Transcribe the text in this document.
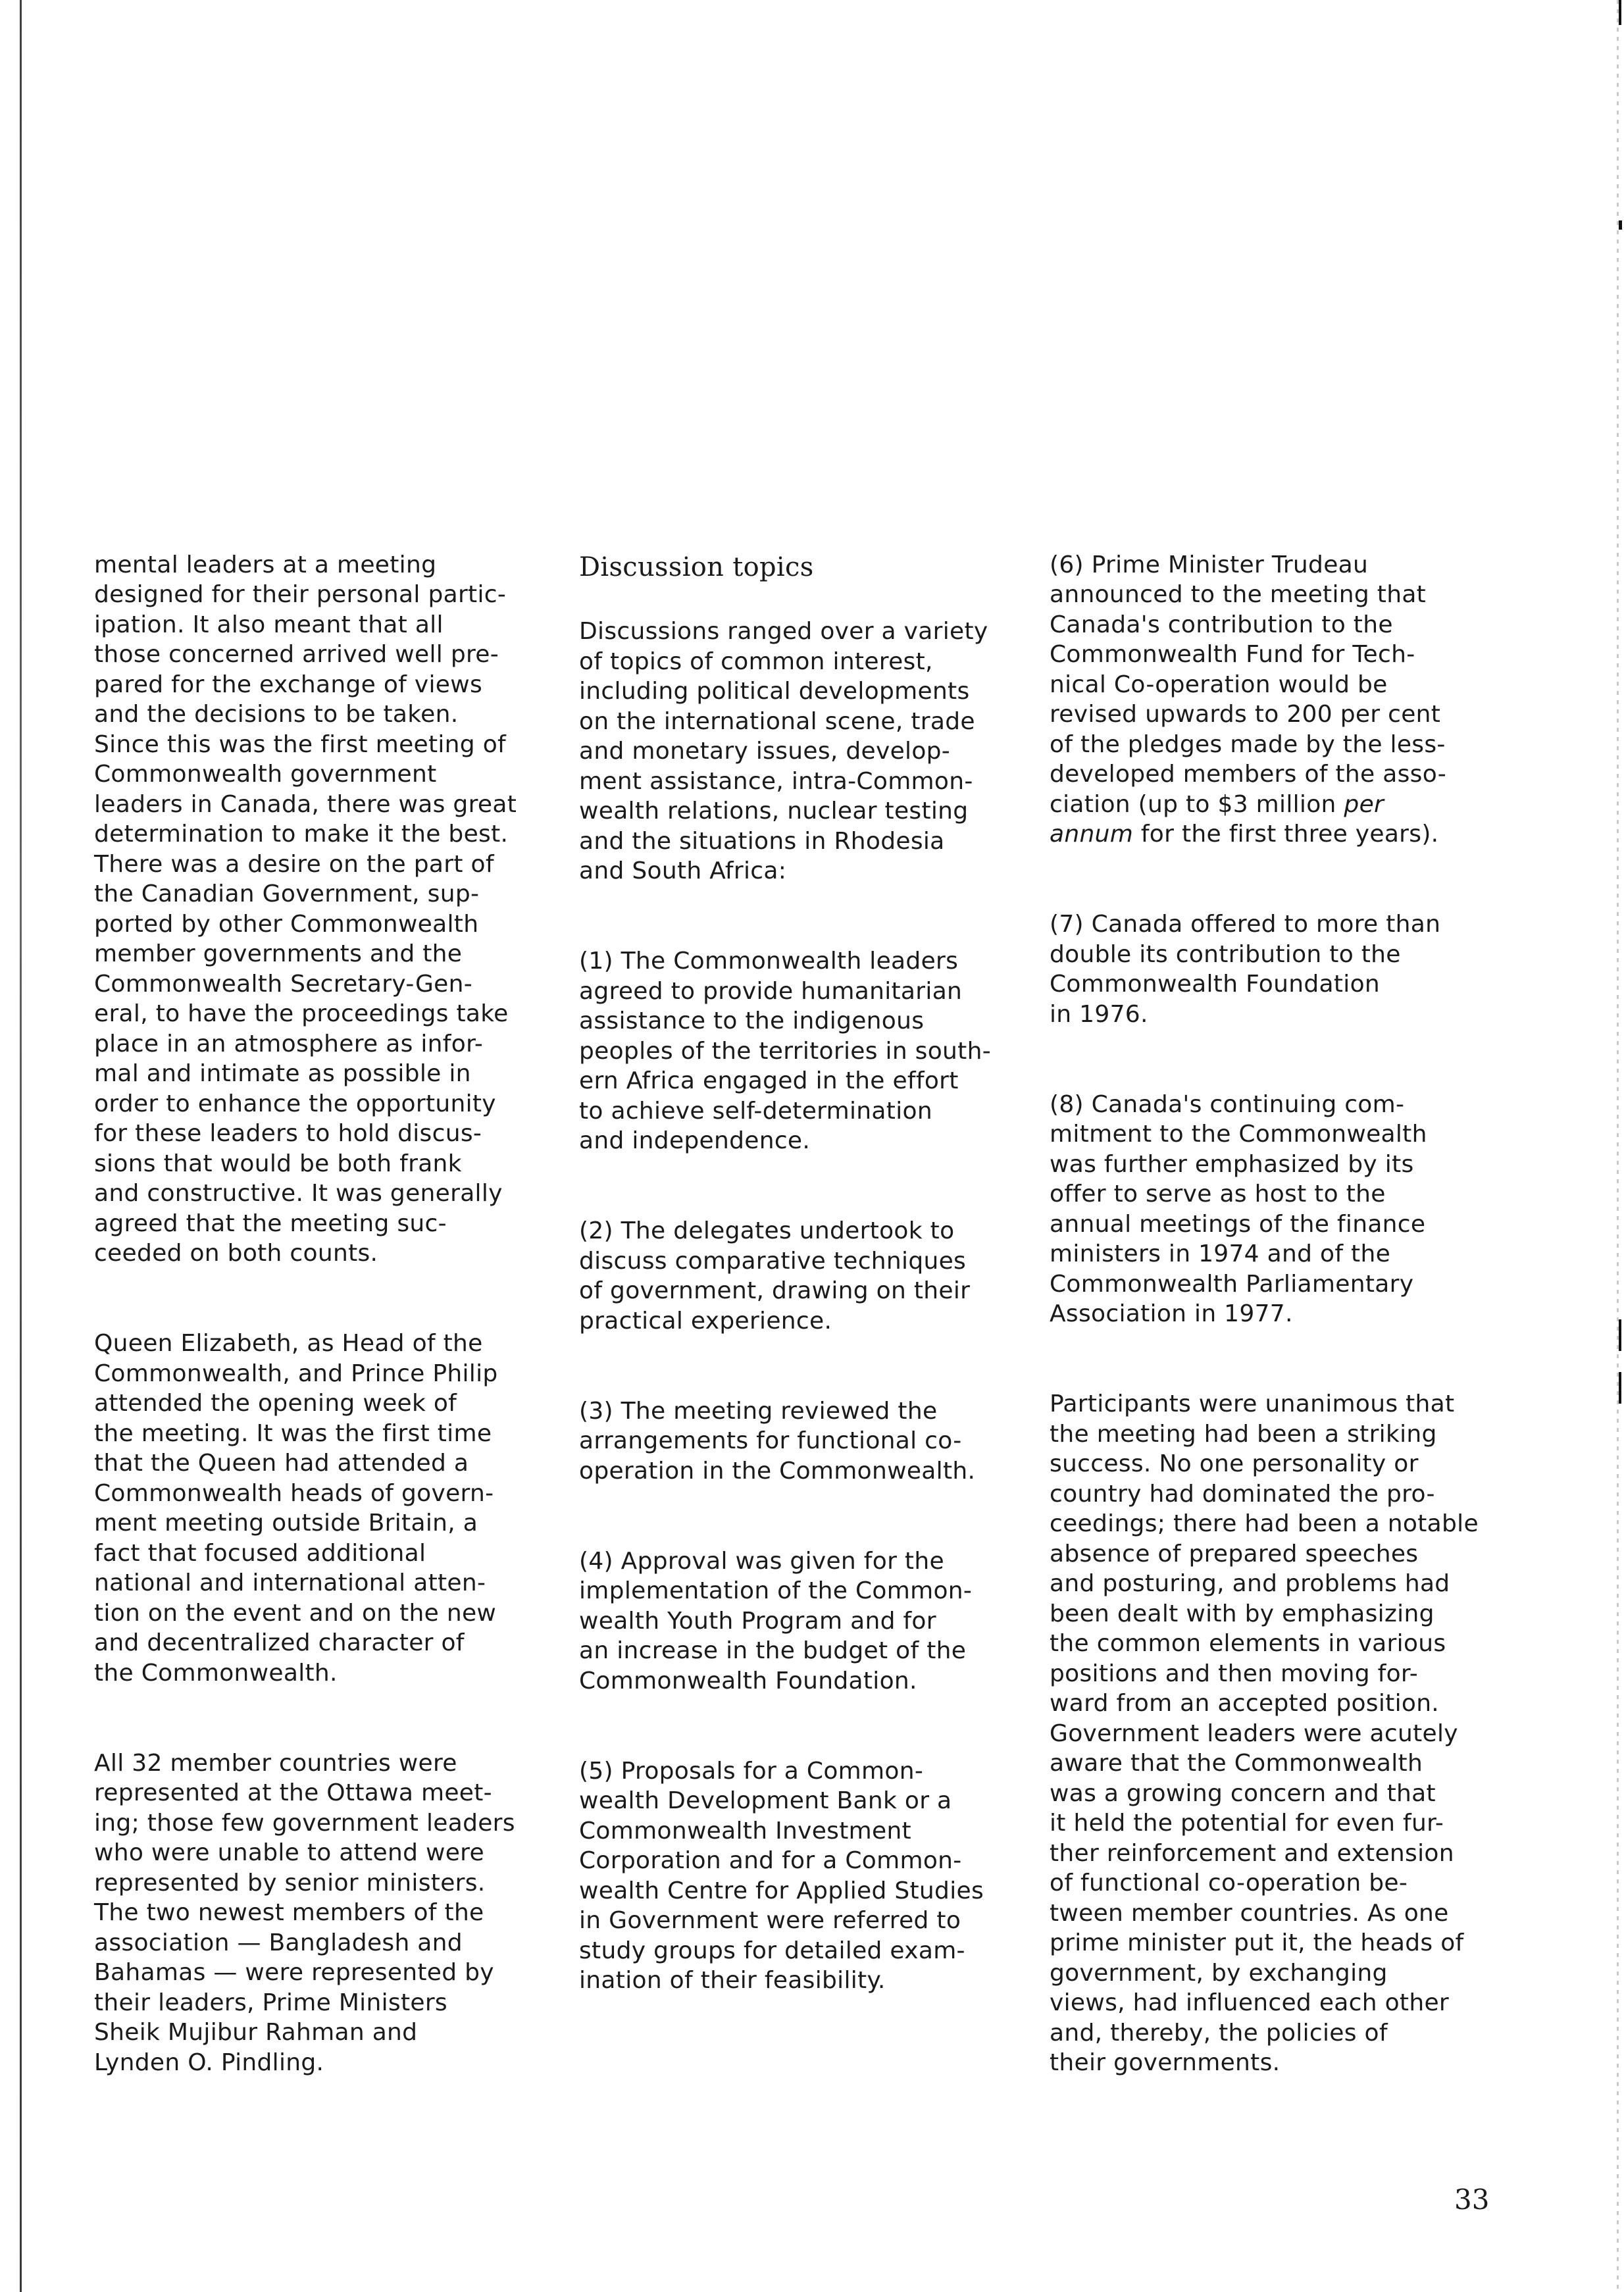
mental leaders at a meeting
designed for their personal partic-
ipation. It also meant that all
those concerned arrived well pre-
pared for the exchange of views
and the decisions to be taken.
Since this was the first meeting of
Commonwealth government
leaders in Canada, there was great
determination to make it the best.
There was a desire on the part of
the Canadian Government, sup-
ported by other Commonwealth
member governments and the
Commonwealth Secretary-Gen-
eral, to have the proceedings take
place in an atmosphere as infor-
mal and intimate as possible in
order to enhance the opportunity
for these leaders to hold discus-
sions that would be both frank
and constructive. It was generally
agreed that the meeting suc-
ceeded on both counts.

Queen Elizabeth, as Head of the
Commonwealth, and Prince Philip
attended the opening week of
the meeting. It was the first time
that the Queen had attended a
Commonwealth heads of govern-
ment meeting outside Britain, a
fact that focused additional
national and international atten-
tion on the event and on the new
and decentralized character of
the Commonwealth.

All 32 member countries were
represented at the Ottawa meet-
ing; those few government leaders
who were unable to attend were
represented by senior ministers.
The two newest members of the
association — Bangladesh and
Bahamas — were represented by
their leaders, Prime Ministers
Sheik Mujibur Rahman and
Lynden O. Pindling.

Discussion topics

Discussions ranged over a variety
of topics of common interest,
including political developments
on the international scene, trade
and monetary issues, develop-
ment assistance, intra-Common-
wealth relations, nuclear testing
and the situations in Rhodesia
and South Africa:

(1) The Commonwealth leaders
agreed to provide humanitarian
assistance to the indigenous
peoples of the territories in south-
ern Africa engaged in the effort
to achieve self-determination
and independence.

(2) The delegates undertook to
discuss comparative techniques
of government, drawing on their
practical experience.

(3) The meeting reviewed the
arrangements for functional co-
operation in the Commonwealth.

(4) Approval was given for the
implementation of the Common-
wealth Youth Program and for
an increase in the budget of the
Commonwealth Foundation.

(5) Proposals for a Common-
wealth Development Bank or a
Commonwealth Investment
Corporation and for a Common-
wealth Centre for Applied Studies
in Government were referred to
study groups for detailed exam-
ination of their feasibility.

(6) Prime Minister Trudeau
announced to the meeting that
Canada's contribution to the
Commonwealth Fund for Tech-
nical Co-operation would be
revised upwards to 200 per cent
of the pledges made by the less-
developed members of the asso-
ciation (up to $3 million per
annum for the first three years).

(7) Canada offered to more than
double its contribution to the
Commonwealth Foundation
in 1976.

(8) Canada's continuing com-
mitment to the Commonwealth
was further emphasized by its
offer to serve as host to the
annual meetings of the finance
ministers in 1974 and of the
Commonwealth Parliamentary
Association in 1977.

Participants were unanimous that
the meeting had been a striking
success. No one personality or
country had dominated the pro-
ceedings; there had been a notable
absence of prepared speeches
and posturing, and problems had
been dealt with by emphasizing
the common elements in various
positions and then moving for-
ward from an accepted position.
Government leaders were acutely
aware that the Commonwealth
was a growing concern and that
it held the potential for even fur-
ther reinforcement and extension
of functional co-operation be-
tween member countries. As one
prime minister put it, the heads of
government, by exchanging
views, had influenced each other
and, thereby, the policies of
their governments.

33
